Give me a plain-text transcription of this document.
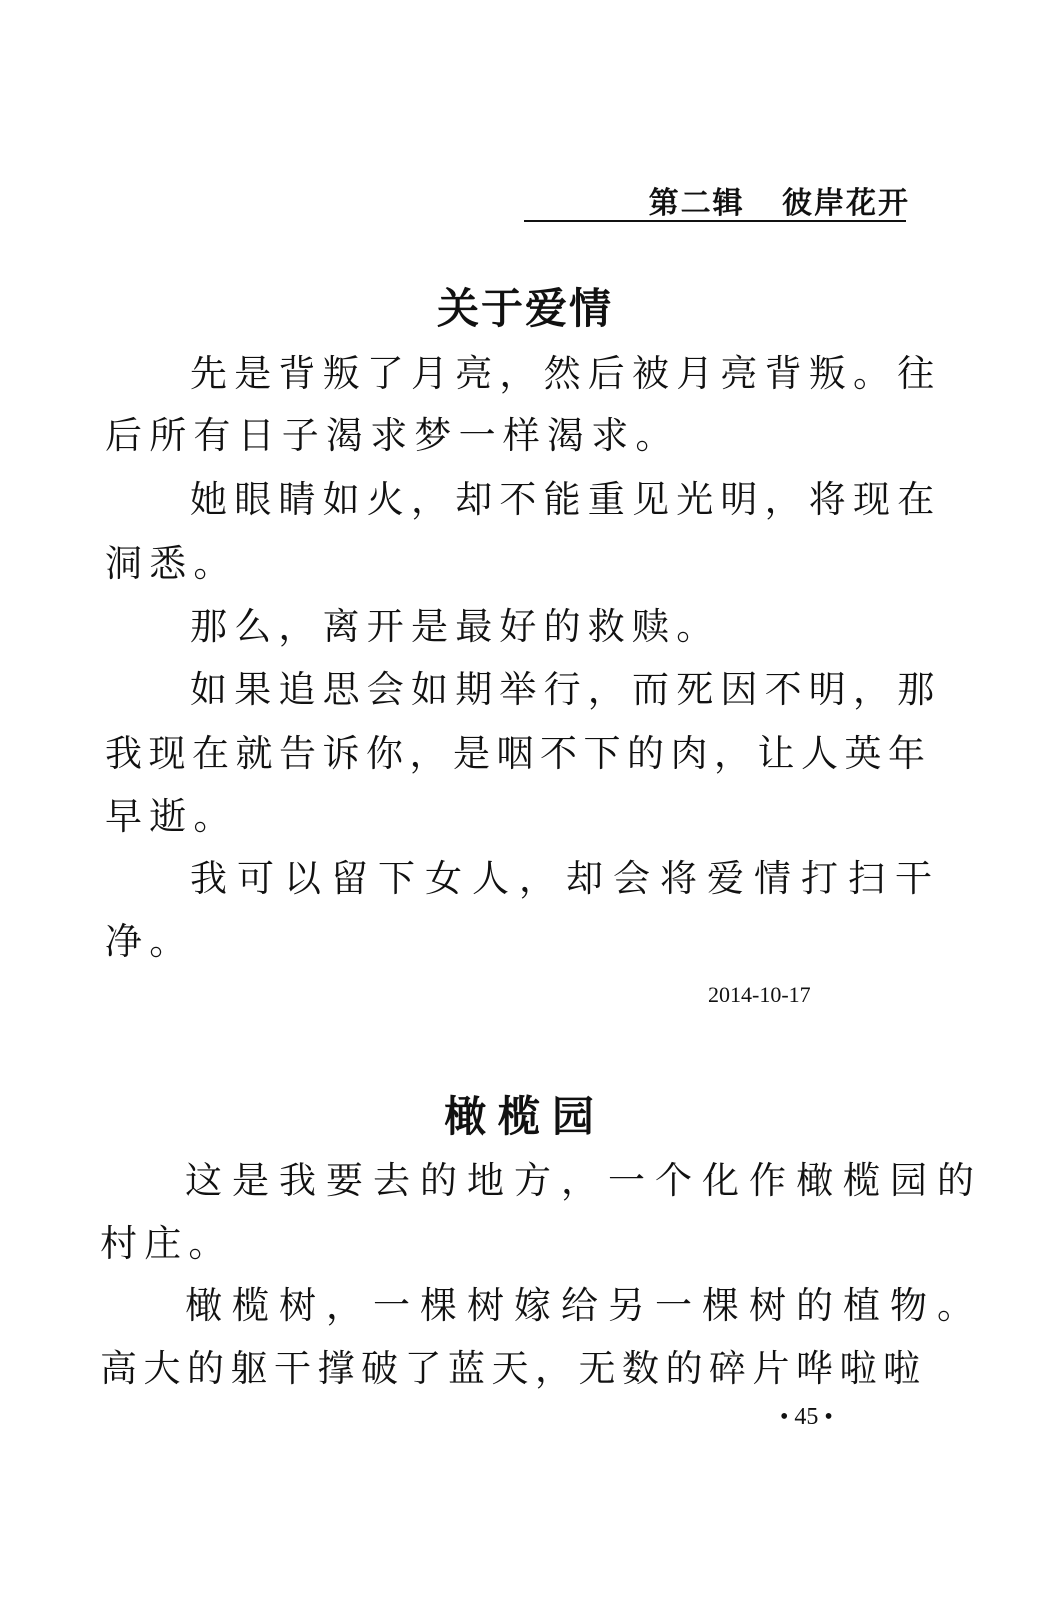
第二辑 彼岸花开
关于爱情
先是背叛了月亮，然后被月亮背叛。往
后所有日子渴求梦一样渴求。
她眼睛如火，却不能重见光明，将现在
洞悉。
那么，离开是最好的救赎。
如果追思会如期举行，而死因不明，那
我现在就告诉你，是咽不下的肉，让人英年
早逝。
我可以留下女人，却会将爱情打扫干
净。
2014-10-17
橄榄园
这是我要去的地方，一个化作橄榄园的
村庄。
橄榄树，一棵树嫁给另一棵树的植物。
高大的躯干撑破了蓝天，无数的碎片哗啦啦
• 45 •
